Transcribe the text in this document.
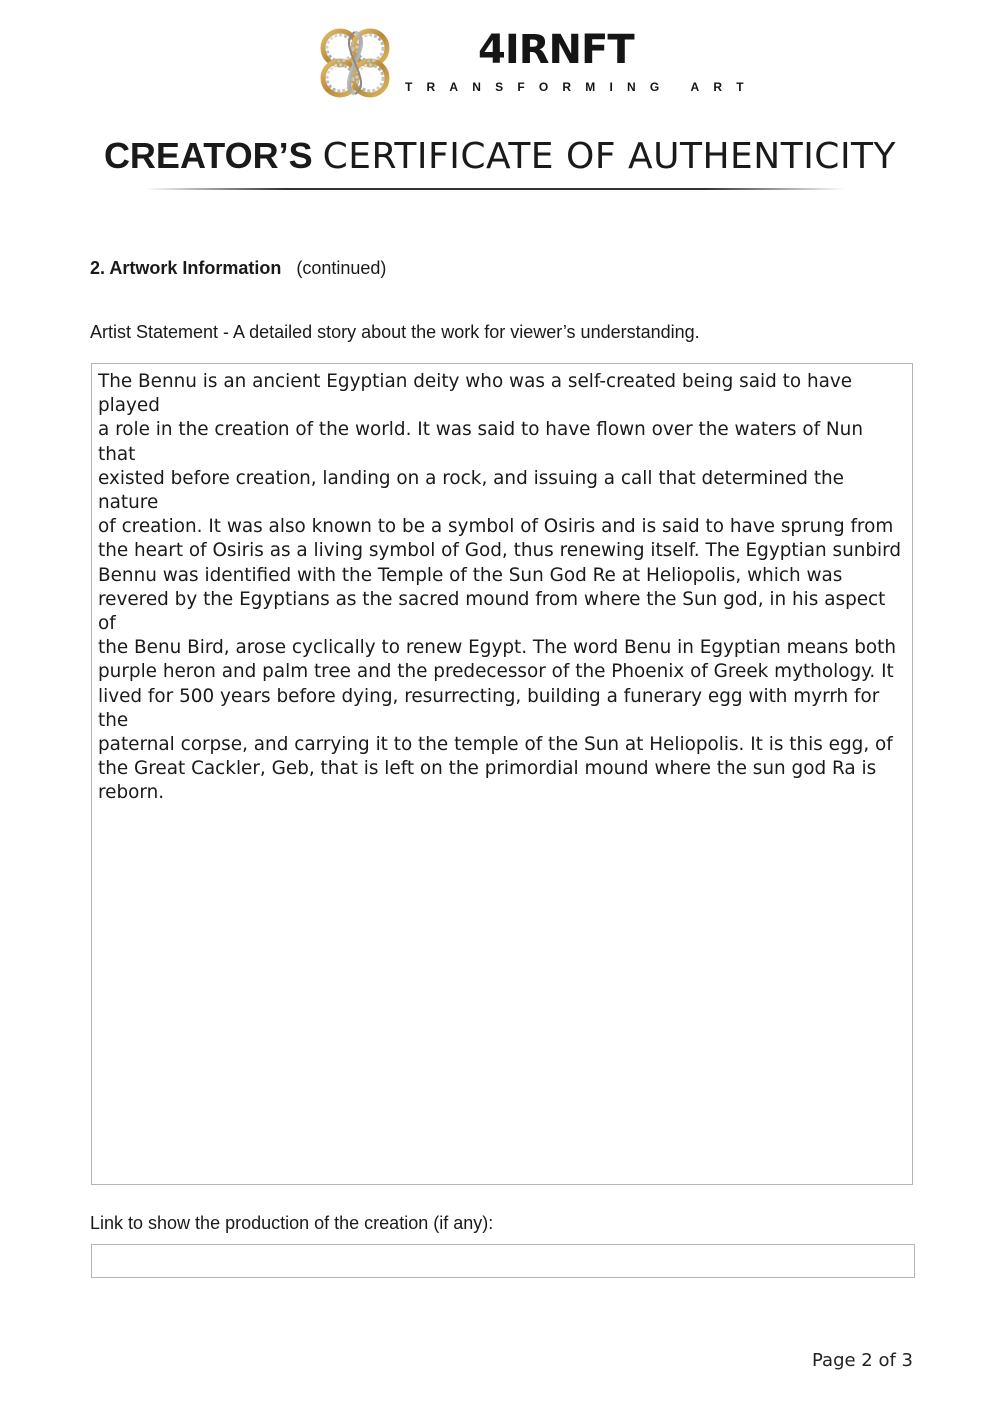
4IRNFT
TRANSFORMING ART
CREATOR’S CERTIFICATE OF AUTHENTICITY
2. Artwork Information (continued)
Artist Statement - A detailed story about the work for viewer’s understanding.

The Bennu is an ancient Egyptian deity who was a self-created being said to have played
a role in the creation of the world. It was said to have flown over the waters of Nun that
existed before creation, landing on a rock, and issuing a call that determined the nature
of creation. It was also known to be a symbol of Osiris and is said to have sprung from
the heart of Osiris as a living symbol of God, thus renewing itself. The Egyptian sunbird
Bennu was identified with the Temple of the Sun God Re at Heliopolis, which was
revered by the Egyptians as the sacred mound from where the Sun god, in his aspect of
the Benu Bird, arose cyclically to renew Egypt. The word Benu in Egyptian means both
purple heron and palm tree and the predecessor of the Phoenix of Greek mythology. It
lived for 500 years before dying, resurrecting, building a funerary egg with myrrh for the
paternal corpse, and carrying it to the temple of the Sun at Heliopolis. It is this egg, of
the Great Cackler, Geb, that is left on the primordial mound where the sun god Ra is
reborn.

Link to show the production of the creation (if any):
Page 2 of 3
